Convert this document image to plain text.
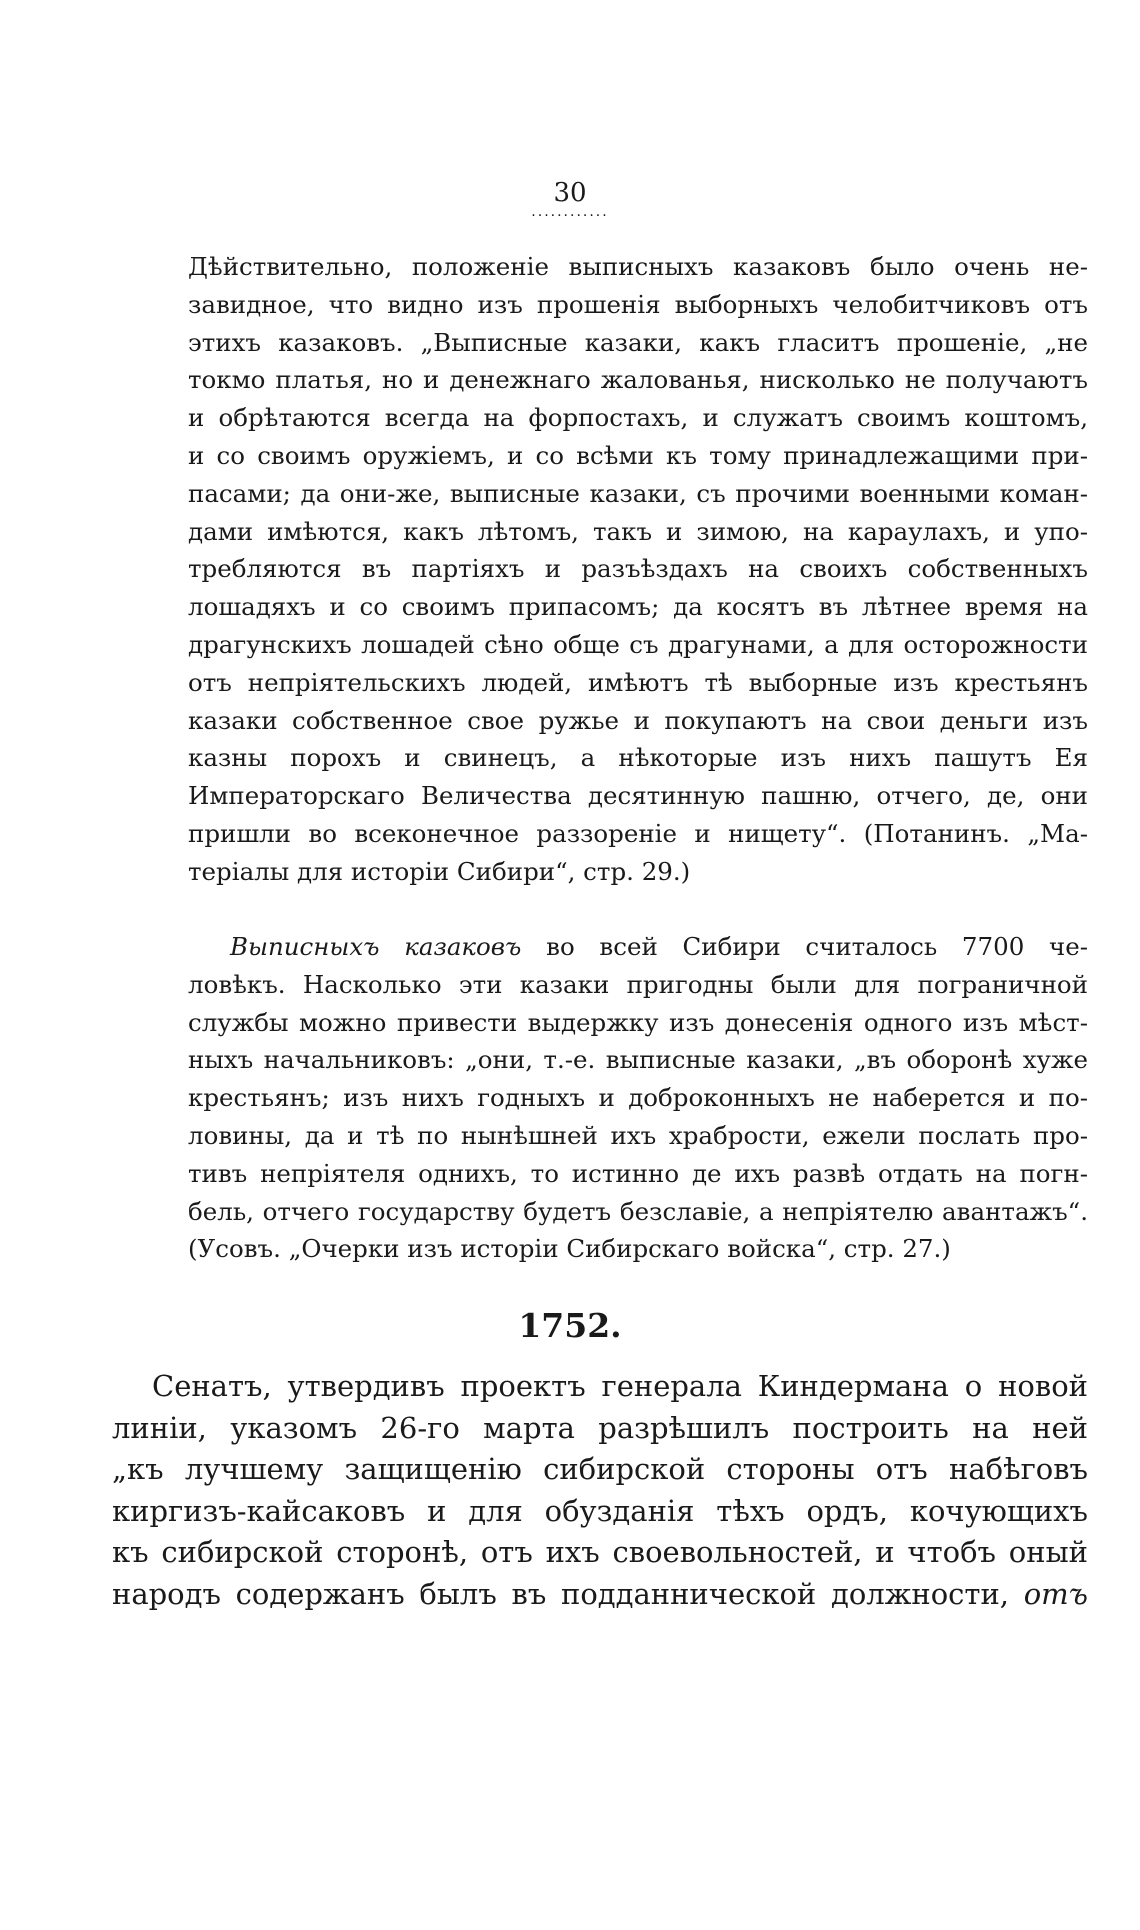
30
............
Дѣйствительно, положеніе выписныхъ казаковъ было очень не-
завидное, что видно изъ прошенія выборныхъ челобитчиковъ отъ
этихъ казаковъ. „Выписные казаки, какъ гласитъ прошеніе, „не
токмо платья, но и денежнаго жалованья, нисколько не получаютъ
и обрѣтаются всегда на форпостахъ, и служатъ своимъ коштомъ,
и со своимъ оружіемъ, и со всѣми къ тому принадлежащими при-
пасами; да они-же, выписные казаки, съ прочими военными коман-
дами имѣются, какъ лѣтомъ, такъ и зимою, на караулахъ, и упо-
требляются въ партіяхъ и разъѣздахъ на своихъ собственныхъ
лошадяхъ и со своимъ припасомъ; да косятъ въ лѣтнее время на
драгунскихъ лошадей сѣно обще съ драгунами, а для осторожности
отъ непріятельскихъ людей, имѣютъ тѣ выборные изъ крестьянъ
казаки собственное свое ружье и покупаютъ на свои деньги изъ
казны порохъ и свинецъ, а нѣкоторые изъ нихъ пашутъ Ея
Императорскаго Величества десятинную пашню, отчего, де, они
пришли во всеконечное раззореніе и нищету“. (Потанинъ. „Ма-
теріалы для исторіи Сибири“, стр. 29.)
Выписныхъ казаковъ во всей Сибири считалось 7700 че-
ловѣкъ. Насколько эти казаки пригодны были для пограничной
службы можно привести выдержку изъ донесенія одного изъ мѣст-
ныхъ начальниковъ: „они, т.-е. выписные казаки, „въ оборонѣ хуже
крестьянъ; изъ нихъ годныхъ и доброконныхъ не наберется и по-
ловины, да и тѣ по нынѣшней ихъ храбрости, ежели послать про-
тивъ непріятеля однихъ, то истинно де ихъ развѣ отдать на погн-
бель, отчего государству будетъ безславіе, а непріятелю авантажъ“.
(Усовъ. „Очерки изъ исторіи Сибирскаго войска“, стр. 27.)
1752.
Сенатъ, утвердивъ проектъ генерала Киндермана о новой
линіи, указомъ 26-го марта разрѣшилъ построить на ней
„къ лучшему защищенію сибирской стороны отъ набѣговъ
киргизъ-кайсаковъ и для обузданія тѣхъ ордъ, кочующихъ
къ сибирской сторонѣ, отъ ихъ своевольностей, и чтобъ оный
народъ содержанъ былъ въ подданнической должности, отъ
